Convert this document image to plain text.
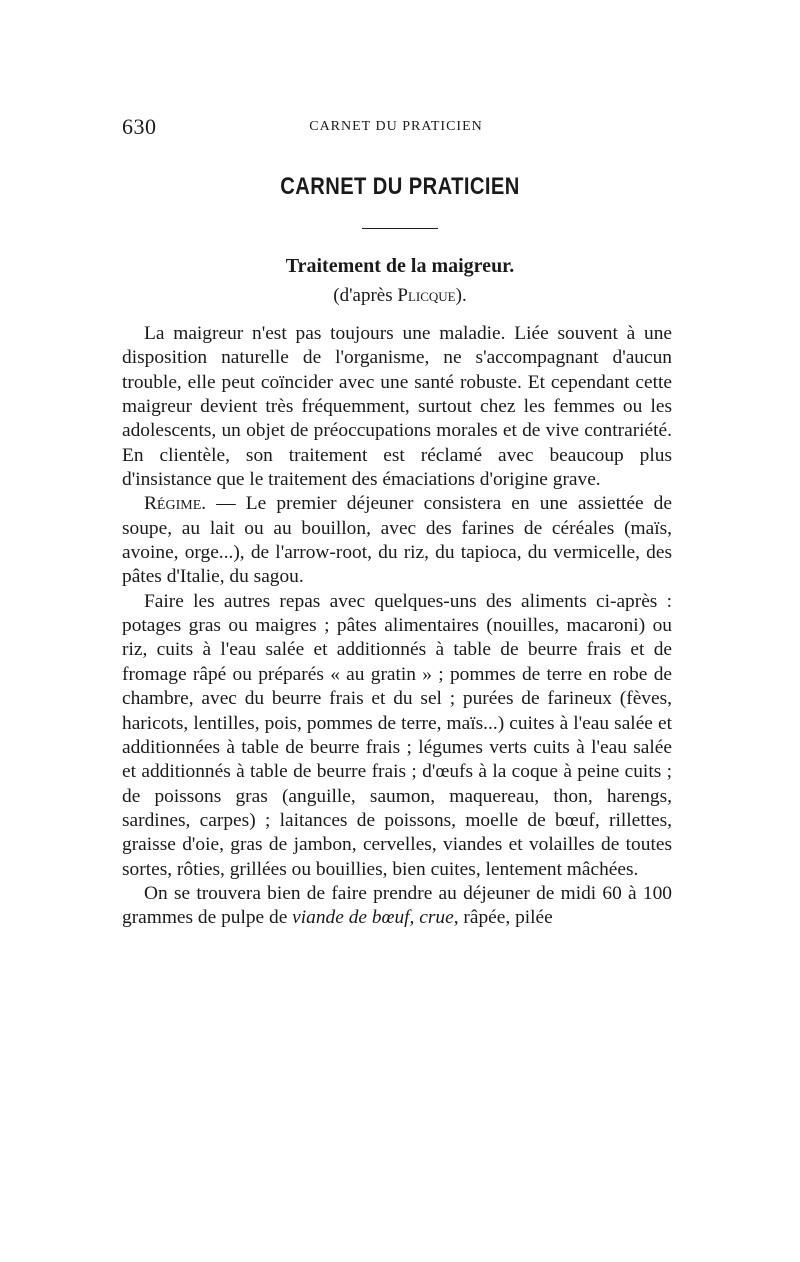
630	CARNET DU PRATICIEN
CARNET DU PRATICIEN
Traitement de la maigreur.
(d'après Plicque).

La maigreur n'est pas toujours une maladie. Liée souvent à une disposition naturelle de l'organisme, ne s'accompagnant d'aucun trouble, elle peut coïncider avec une santé robuste. Et cependant cette maigreur devient très fréquemment, surtout chez les femmes ou les adolescents, un objet de préoccupations morales et de vive contrariété. En clientèle, son traitement est réclamé avec beaucoup plus d'insistance que le traitement des émaciations d'origine grave.

Régime. — Le premier déjeuner consistera en une assiettée de soupe, au lait ou au bouillon, avec des farines de céréales (maïs, avoine, orge...), de l'arrow-root, du riz, du tapioca, du vermicelle, des pâtes d'Italie, du sagou.

Faire les autres repas avec quelques-uns des aliments ci-après : potages gras ou maigres ; pâtes alimentaires (nouilles, macaroni) ou riz, cuits à l'eau salée et additionnés à table de beurre frais et de fromage râpé ou préparés « au gratin » ; pommes de terre en robe de chambre, avec du beurre frais et du sel ; purées de farineux (fèves, haricots, lentilles, pois, pommes de terre, maïs...) cuites à l'eau salée et additionnées à table de beurre frais ; légumes verts cuits à l'eau salée et additionnés à table de beurre frais ; d'œufs à la coque à peine cuits ; de poissons gras (anguille, saumon, maquereau, thon, harengs, sardines, carpes) ; laitances de poissons, moelle de bœuf, rillettes, graisse d'oie, gras de jambon, cervelles, viandes et volailles de toutes sortes, rôties, grillées ou bouillies, bien cuites, lentement mâchées.

On se trouvera bien de faire prendre au déjeuner de midi 60 à 100 grammes de pulpe de viande de bœuf, crue, râpée, pilée
